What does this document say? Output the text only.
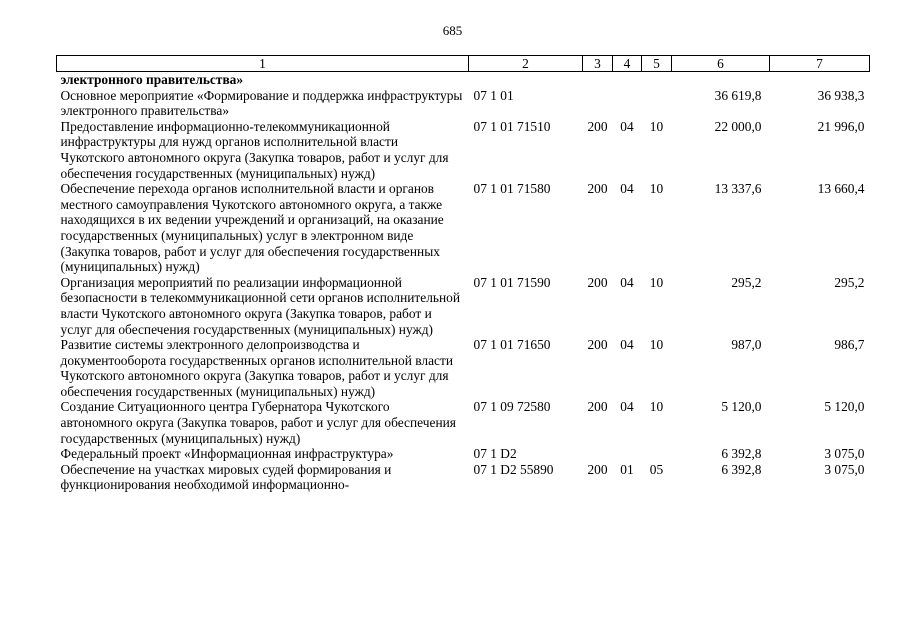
685
1	2	3	4	5	6	7
электронного правительства»						
Основное мероприятие «Формирование и поддержка инфраструктуры электронного правительства»	07 1 01				36 619,8	36 938,3
Предоставление информационно-телекоммуникационной инфраструктуры для нужд органов исполнительной власти Чукотского автономного округа (Закупка товаров, работ и услуг для обеспечения государственных (муниципальных) нужд)	07 1 01 71510	200	04	10	22 000,0	21 996,0
Обеспечение перехода органов исполнительной власти и органов местного самоуправления Чукотского автономного округа, а также находящихся в их ведении учреждений и организаций, на оказание государственных (муниципальных) услуг в электронном виде (Закупка товаров, работ и услуг для обеспечения государственных (муниципальных) нужд)	07 1 01 71580	200	04	10	13 337,6	13 660,4
Организация мероприятий по реализации информационной безопасности в телекоммуникационной сети органов исполнительной власти Чукотского автономного округа (Закупка товаров, работ и услуг для обеспечения государственных (муниципальных) нужд)	07 1 01 71590	200	04	10	295,2	295,2
Развитие системы электронного делопроизводства и документооборота государственных органов исполнительной власти Чукотского автономного округа (Закупка товаров, работ и услуг для обеспечения государственных (муниципальных) нужд)	07 1 01 71650	200	04	10	987,0	986,7
Создание Ситуационного центра Губернатора Чукотского автономного округа (Закупка товаров, работ и услуг для обеспечения государственных (муниципальных) нужд)	07 1 09 72580	200	04	10	5 120,0	5 120,0
Федеральный проект «Информационная инфраструктура»	07 1 D2				6 392,8	3 075,0
Обеспечение на участках мировых судей формирования и функционирования необходимой информационно-	07 1 D2 55890	200	01	05	6 392,8	3 075,0
